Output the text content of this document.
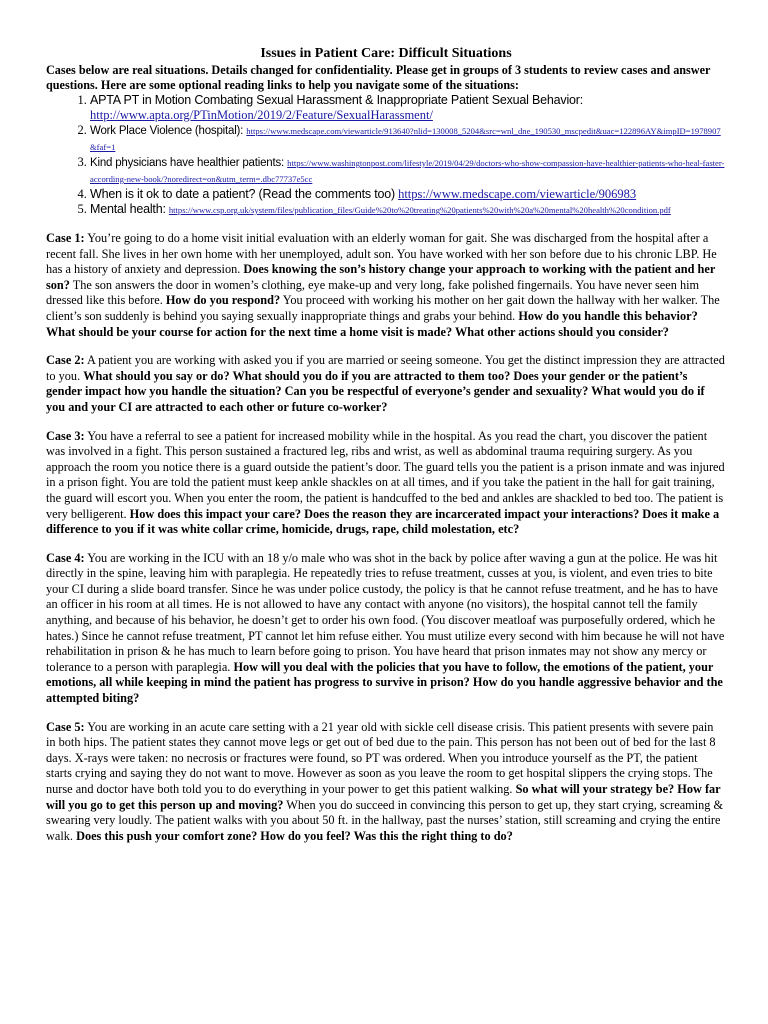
Issues in Patient Care: Difficult Situations

Cases below are real situations. Details changed for confidentiality. Please get in groups of 3 students to review cases and answer questions. Here are some optional reading links to help you navigate some of the situations:

1. APTA PT in Motion Combating Sexual Harassment & Inappropriate Patient Sexual Behavior:
http://www.apta.org/PTinMotion/2019/2/Feature/SexualHarassment/
2. Work Place Violence (hospital): https://www.medscape.com/viewarticle/913640?nlid=130008_5204&src=wnl_dne_190530_mscpedit&uac=122896AY&impID=1978907&faf=1
3. Kind physicians have healthier patients: https://www.washingtonpost.com/lifestyle/2019/04/29/doctors-who-show-compassion-have-healthier-patients-who-heal-faster-according-new-book/?noredirect=on&utm_term=.dbc77737e5cc
4. When is it ok to date a patient? (Read the comments too) https://www.medscape.com/viewarticle/906983
5. Mental health: https://www.csp.org.uk/system/files/publication_files/Guide%20to%20treating%20patients%20with%20a%20mental%20health%20condition.pdf

Case 1: You’re going to do a home visit initial evaluation with an elderly woman for gait. She was discharged from the hospital after a recent fall. She lives in her own home with her unemployed, adult son. You have worked with her son before due to his chronic LBP. He has a history of anxiety and depression. Does knowing the son’s history change your approach to working with the patient and her son? The son answers the door in women’s clothing, eye make-up and very long, fake polished fingernails. You have never seen him dressed like this before. How do you respond? You proceed with working his mother on her gait down the hallway with her walker. The client’s son suddenly is behind you saying sexually inappropriate things and grabs your behind. How do you handle this behavior? What should be your course for action for the next time a home visit is made? What other actions should you consider?

Case 2: A patient you are working with asked you if you are married or seeing someone. You get the distinct impression they are attracted to you. What should you say or do? What should you do if you are attracted to them too? Does your gender or the patient’s gender impact how you handle the situation? Can you be respectful of everyone’s gender and sexuality? What would you do if you and your CI are attracted to each other or future co-worker?

Case 3: You have a referral to see a patient for increased mobility while in the hospital. As you read the chart, you discover the patient was involved in a fight. This person sustained a fractured leg, ribs and wrist, as well as abdominal trauma requiring surgery. As you approach the room you notice there is a guard outside the patient’s door. The guard tells you the patient is a prison inmate and was injured in a prison fight. You are told the patient must keep ankle shackles on at all times, and if you take the patient in the hall for gait training, the guard will escort you. When you enter the room, the patient is handcuffed to the bed and ankles are shackled to bed too. The patient is very belligerent. How does this impact your care? Does the reason they are incarcerated impact your interactions? Does it make a difference to you if it was white collar crime, homicide, drugs, rape, child molestation, etc?

Case 4: You are working in the ICU with an 18 y/o male who was shot in the back by police after waving a gun at the police. He was hit directly in the spine, leaving him with paraplegia. He repeatedly tries to refuse treatment, cusses at you, is violent, and even tries to bite your CI during a slide board transfer. Since he was under police custody, the policy is that he cannot refuse treatment, and he has to have an officer in his room at all times. He is not allowed to have any contact with anyone (no visitors), the hospital cannot tell the family anything, and because of his behavior, he doesn’t get to order his own food. (You discover meatloaf was purposefully ordered, which he hates.) Since he cannot refuse treatment, PT cannot let him refuse either. You must utilize every second with him because he will not have rehabilitation in prison & he has much to learn before going to prison. You have heard that prison inmates may not show any mercy or tolerance to a person with paraplegia. How will you deal with the policies that you have to follow, the emotions of the patient, your emotions, all while keeping in mind the patient has progress to survive in prison? How do you handle aggressive behavior and the attempted biting?

Case 5: You are working in an acute care setting with a 21 year old with sickle cell disease crisis. This patient presents with severe pain in both hips. The patient states they cannot move legs or get out of bed due to the pain. This person has not been out of bed for the last 8 days. X-rays were taken: no necrosis or fractures were found, so PT was ordered. When you introduce yourself as the PT, the patient starts crying and saying they do not want to move. However as soon as you leave the room to get hospital slippers the crying stops. The nurse and doctor have both told you to do everything in your power to get this patient walking. So what will your strategy be? How far will you go to get this person up and moving? When you do succeed in convincing this person to get up, they start crying, screaming & swearing very loudly. The patient walks with you about 50 ft. in the hallway, past the nurses’ station, still screaming and crying the entire walk. Does this push your comfort zone? How do you feel? Was this the right thing to do?
